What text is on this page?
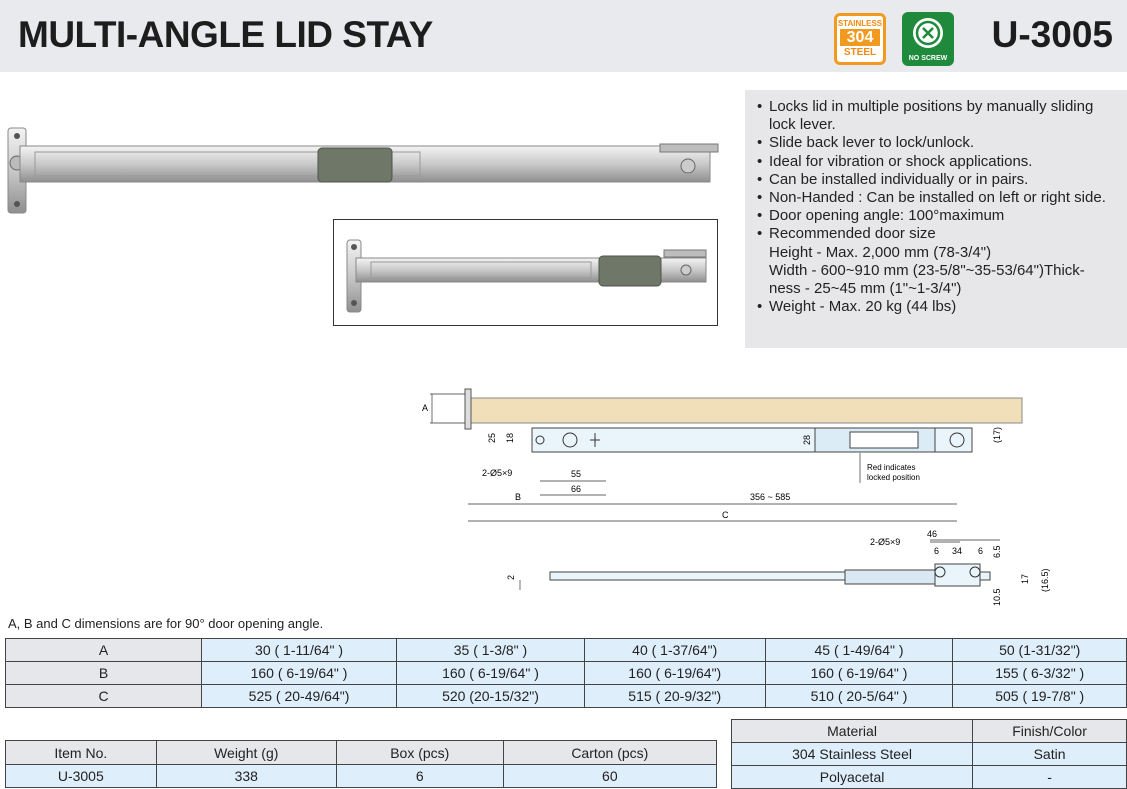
MULTI-ANGLE LID STAY	STAINLESS
304
STEEL
NO SCREW
U-3005
• Locks lid in multiple positions by manually sliding lock lever.
• Slide back lever to lock/unlock.
• Ideal for vibration or shock applications.
• Can be installed individually or in pairs.
• Non-Handed : Can be installed on left or right side.
• Door opening angle: 100°maximum
• Recommended door size
Height - Max. 2,000 mm (78-3/4")
Width - 600~910 mm (23-5/8"~35-53/64")Thick-
ness - 25~45 mm (1"~1-3/4")
• Weight - Max. 20 kg (44 lbs)
A
25 18	28	(17)
2-Ø5×9	55
66
B	356 ~ 585
C
Red indicates
locked position
2
2-Ø5×9
46
6 34 6 6.5
17 (16.5)
10.5
A, B and C dimensions are for 90° door opening angle.
A	30 ( 1-11/64" )	35 ( 1-3/8" )	40 ( 1-37/64")	45 ( 1-49/64" )	50 (1-31/32")
B	160 ( 6-19/64" )	160 ( 6-19/64" )	160 ( 6-19/64")	160 ( 6-19/64" )	155 ( 6-3/32" )
C	525 ( 20-49/64")	520 (20-15/32")	515 ( 20-9/32")	510 ( 20-5/64" )	505 ( 19-7/8" )
Item No.	Weight (g)	Box (pcs)	Carton (pcs)
U-3005	338	6	60
Material	Finish/Color
304 Stainless Steel	Satin
Polyacetal	-
